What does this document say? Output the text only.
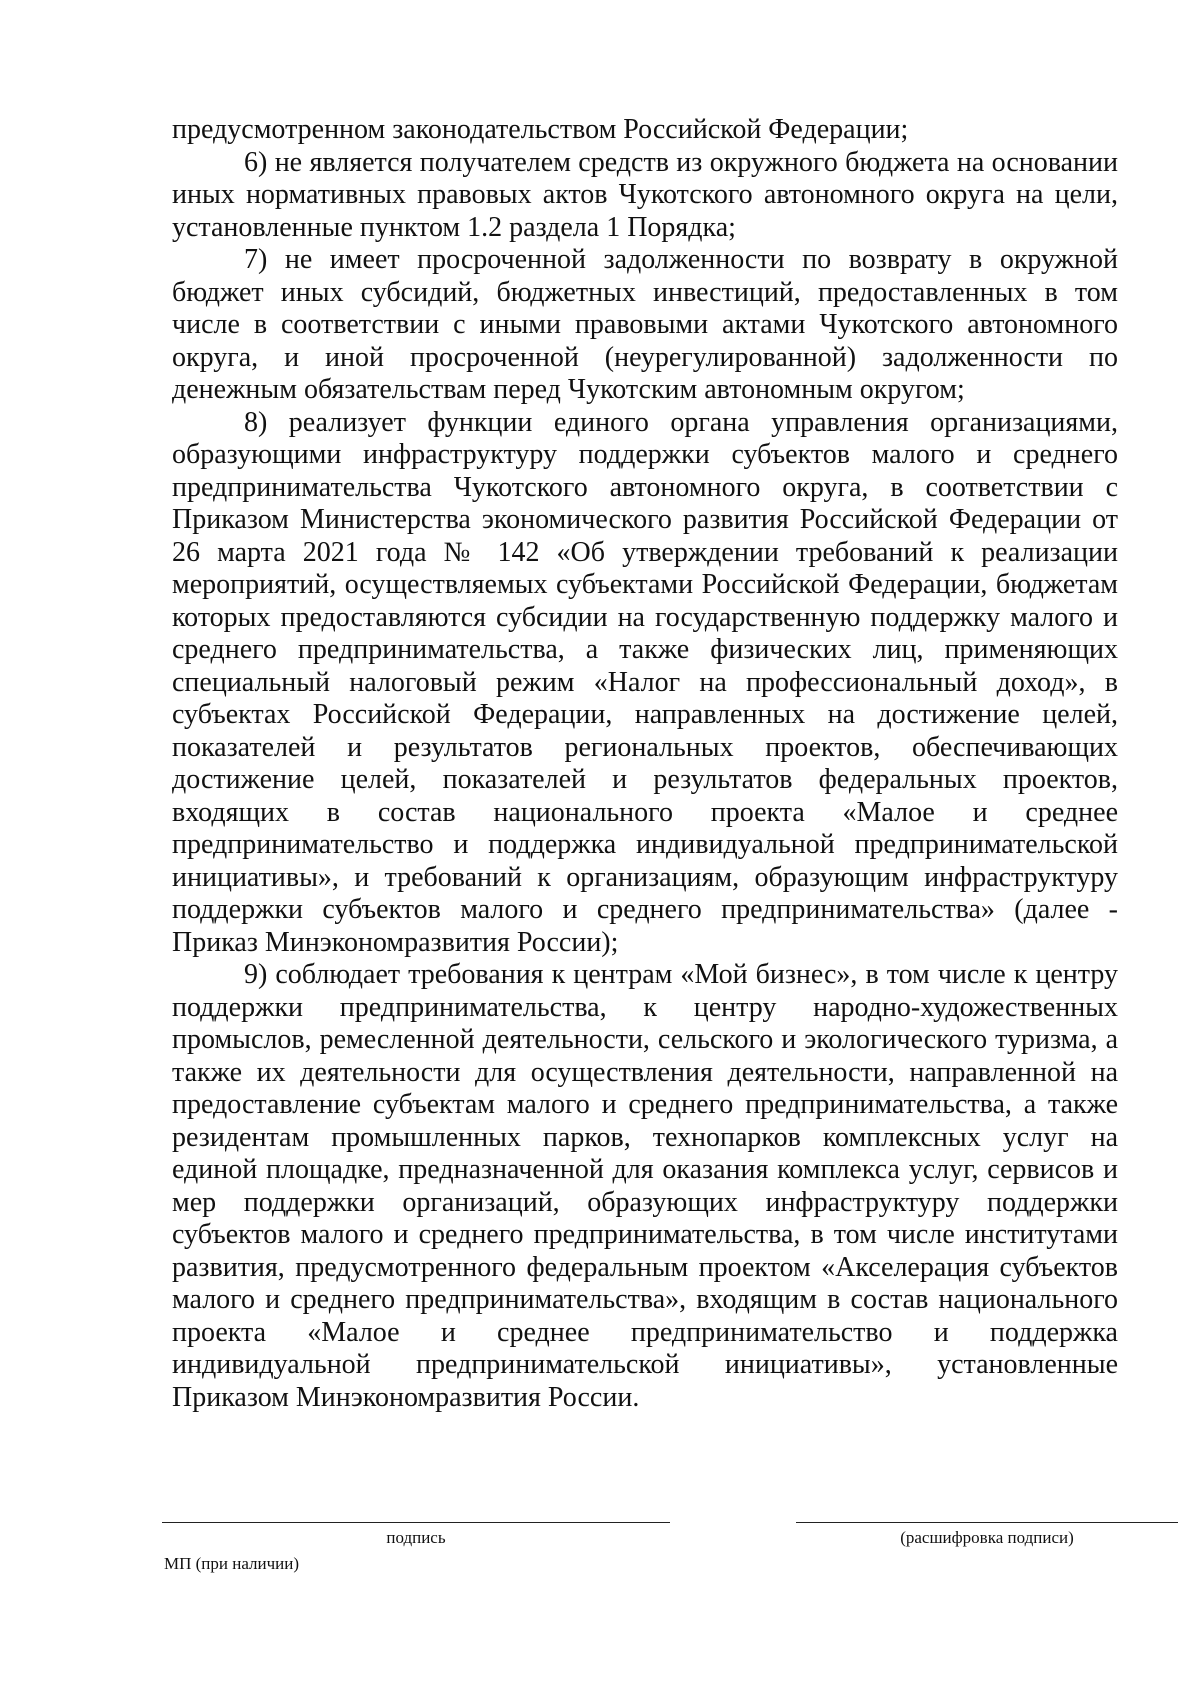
предусмотренном законодательством Российской Федерации;

6) не является получателем средств из окружного бюджета на основании иных нормативных правовых актов Чукотского автономного округа на цели, установленные пунктом 1.2 раздела 1 Порядка;

7) не имеет просроченной задолженности по возврату в окружной бюджет иных субсидий, бюджетных инвестиций, предоставленных в том числе в соответствии с иными правовыми актами Чукотского автономного округа, и иной просроченной (неурегулированной) задолженности по денежным обязательствам перед Чукотским автономным округом;

8) реализует функции единого органа управления организациями, образующими инфраструктуру поддержки субъектов малого и среднего предпринимательства Чукотского автономного округа, в соответствии с Приказом Министерства экономического развития Российской Федерации от 26 марта 2021 года № 142 «Об утверждении требований к реализации мероприятий, осуществляемых субъектами Российской Федерации, бюджетам которых предоставляются субсидии на государственную поддержку малого и среднего предпринимательства, а также физических лиц, применяющих специальный налоговый режим «Налог на профессиональный доход», в субъектах Российской Федерации, направленных на достижение целей, показателей и результатов региональных проектов, обеспечивающих достижение целей, показателей и результатов федеральных проектов, входящих в состав национального проекта «Малое и среднее предпринимательство и поддержка индивидуальной предпринимательской инициативы», и требований к организациям, образующим инфраструктуру поддержки субъектов малого и среднего предпринимательства» (далее - Приказ Минэкономразвития России);

9) соблюдает требования к центрам «Мой бизнес», в том числе к центру поддержки предпринимательства, к центру народно-художественных промыслов, ремесленной деятельности, сельского и экологического туризма, а также их деятельности для осуществления деятельности, направленной на предоставление субъектам малого и среднего предпринимательства, а также резидентам промышленных парков, технопарков комплексных услуг на единой площадке, предназначенной для оказания комплекса услуг, сервисов и мер поддержки организаций, образующих инфраструктуру поддержки субъектов малого и среднего предпринимательства, в том числе институтами развития, предусмотренного федеральным проектом «Акселерация субъектов малого и среднего предпринимательства», входящим в состав национального проекта «Малое и среднее предпринимательство и поддержка индивидуальной предпринимательской инициативы», установленные Приказом Минэкономразвития России.

подпись	(расшифровка подписи)
МП (при наличии)
